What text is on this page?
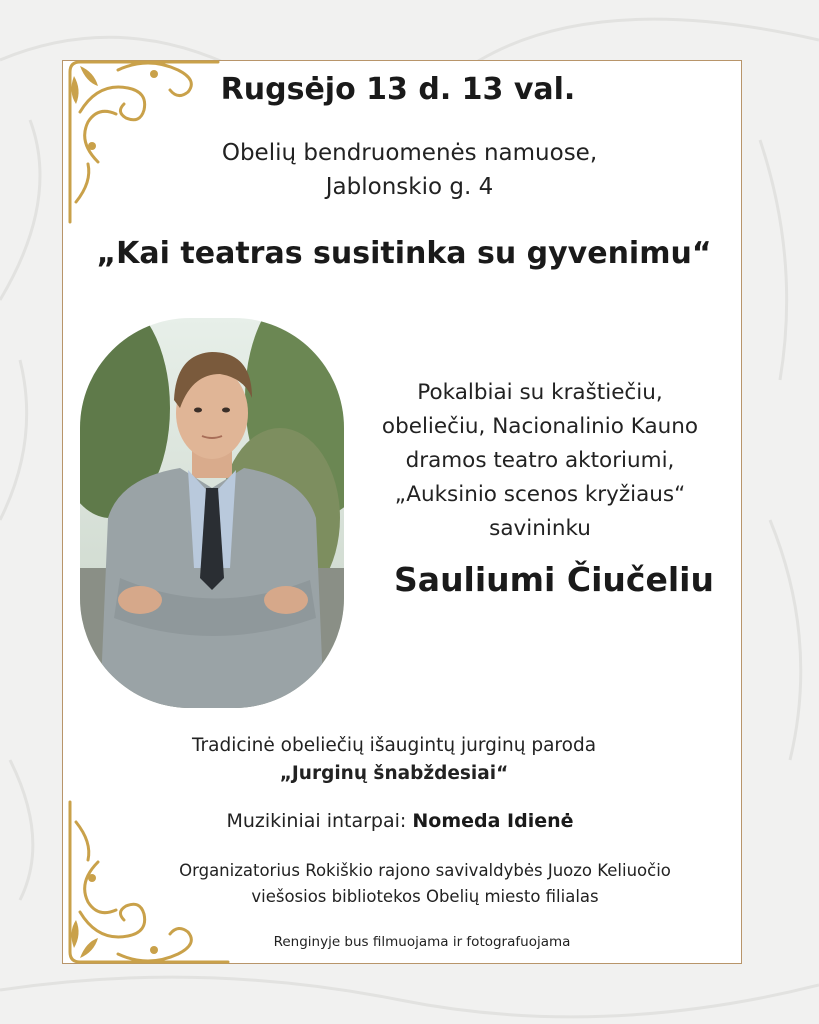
Rugsėjo 13 d. 13 val.
Obelių bendruomenės namuose,
Jablonskio g. 4
„Kai teatras susitinka su gyvenimu“
Pokalbiai su kraštiečiu,
obeliečiu, Nacionalinio Kauno
dramos teatro aktoriumi,
„Auksinio scenos kryžiaus“
savininku
Sauliumi Čiučeliu
Tradicinė obeliečių išaugintų jurginų paroda
„Jurginų šnabždesiai“
Muzikiniai intarpai: Nomeda Idienė
Organizatorius Rokiškio rajono savivaldybės Juozo Keliuočio
viešosios bibliotekos Obelių miesto filialas
Renginyje bus filmuojama ir fotografuojama
